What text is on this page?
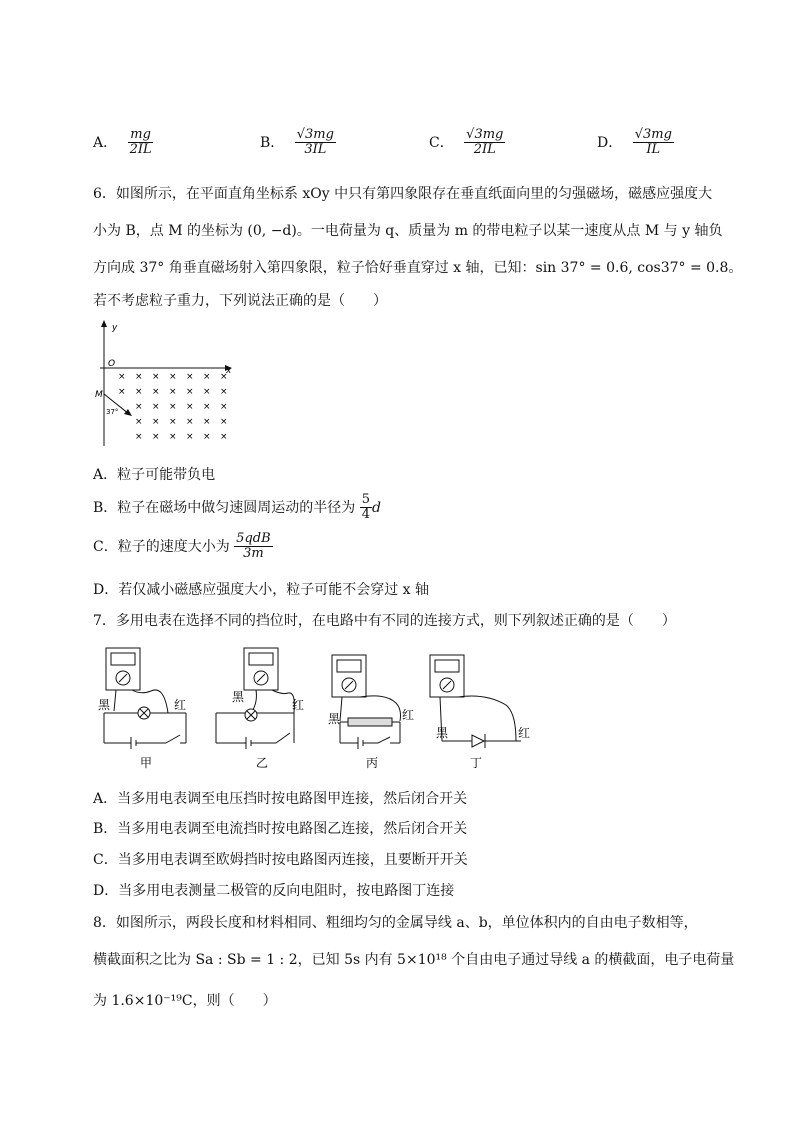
A． $\frac{mg}{2IL}$	B． $\frac{√3mg}{3IL}$	C． $\frac{√3mg}{2IL}$	D． $\frac{√3mg}{IL}$
6．如图所示，在平面直角坐标系 xOy 中只有第四象限存在垂直纸面向里的匀强磁场，磁感应强度大
小为 B，点 M 的坐标为 (0, −d)。一电荷量为 q、质量为 m 的带电粒子以某一速度从点 M 与 y 轴负
方向成 37° 角垂直磁场射入第四象限，粒子恰好垂直穿过 x 轴，已知：sin 37° = 0.6, cos37° = 0.8。
若不考虑粒子重力，下列说法正确的是（　　）
y
x
O
M
37°
× × × × × × ×
× × × × × × ×
× × × × × ×
× × × × × ×
× × × × × ×
A．粒子可能带负电
B．粒子在磁场中做匀速圆周运动的半径为 $\frac{5}{4}$ d
C．粒子的速度大小为 $\frac{\text{5qdB}}{3m}$
D．若仅减小磁感应强度大小，粒子可能不会穿过 x 轴
7．多用电表在选择不同的挡位时，在电路中有不同的连接方式，则下列叙述正确的是（　　）
黑	红
甲
黑
红
乙
黑	红
丙
黑	红
丁
A．当多用电表调至电压挡时按电路图甲连接，然后闭合开关
B．当多用电表调至电流挡时按电路图乙连接，然后闭合开关
C．当多用电表调至欧姆挡时按电路图丙连接，且要断开开关
D．当多用电表测量二极管的反向电阻时，按电路图丁连接
8．如图所示，两段长度和材料相同、粗细均匀的金属导线 a、b，单位体积内的自由电子数相等，
横截面积之比为 Sa : Sb = 1 : 2，已知 5s 内有 5×10¹⁸ 个自由电子通过导线 a 的横截面，电子电荷量
为 1.6×10⁻¹⁹C，则（　　）
